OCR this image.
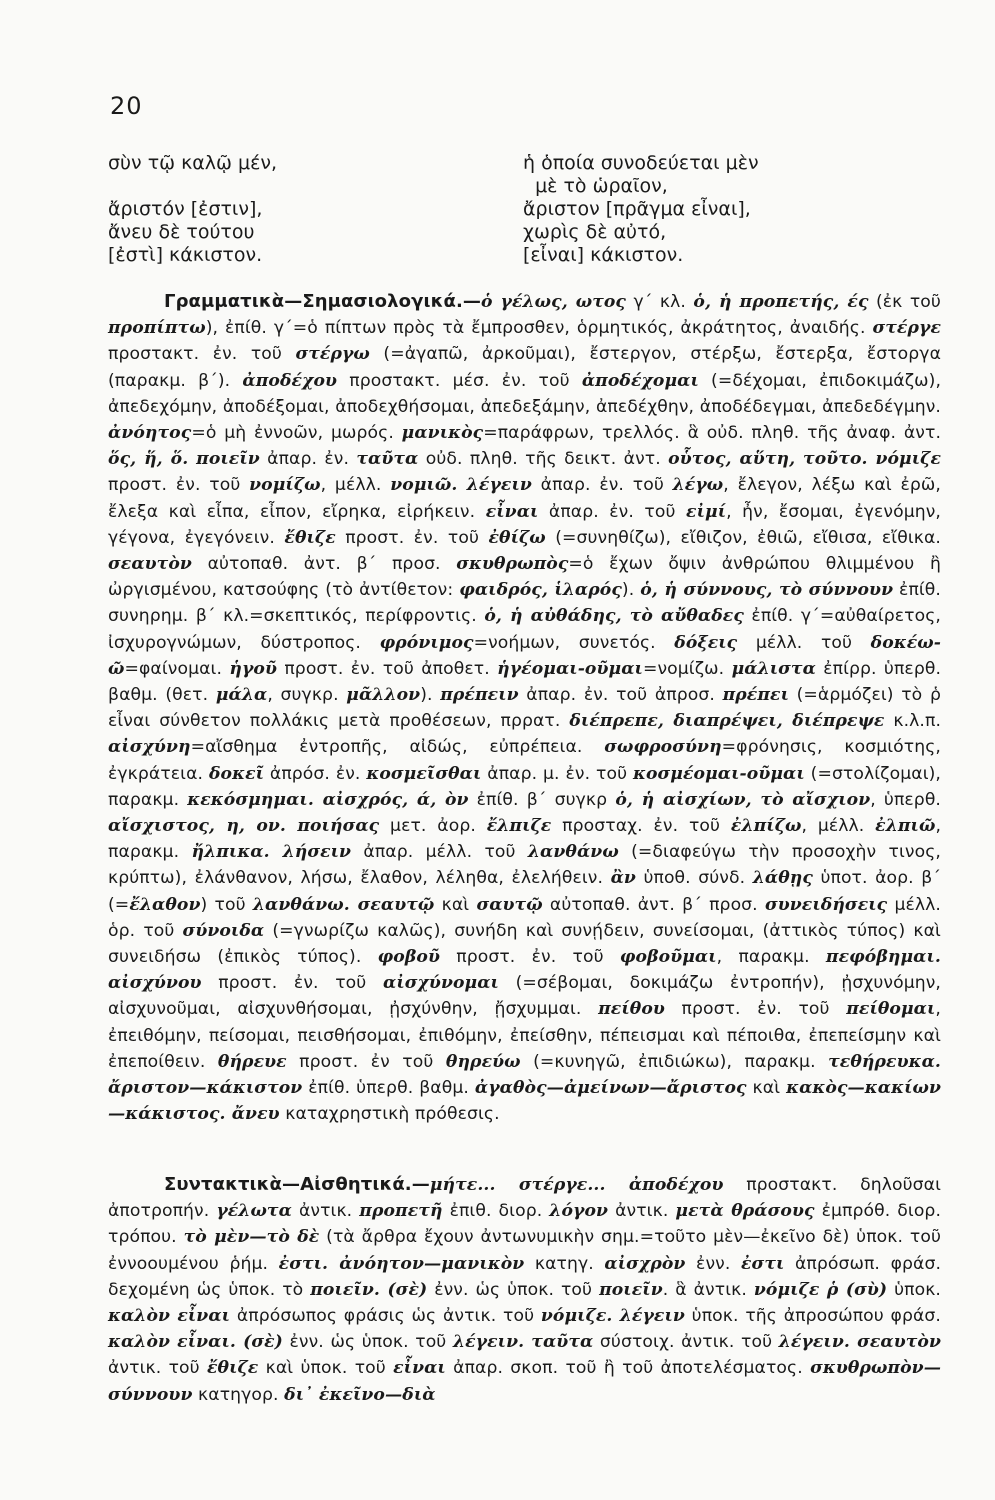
20
σὺν τῷ καλῷ μέν,
ἄριστόν [ἐστιν],
ἄνευ δὲ τούτου
[ἐστὶ] κάκιστον.
ἡ ὁποία συνοδεύεται μὲν
μὲ τὸ ὡραῖον,
ἄριστον [πρᾶγμα εἶναι],
χωρὶς δὲ αὐτό,
[εἶναι] κάκιστον.

Γραμματικὰ—Σημασιολογικά.—ὁ γέλως, ωτος γ΄ κλ. ὁ, ἡ προπετής, ές (ἐκ τοῦ προπίπτω), ἐπίθ. γ΄=ὁ πίπτων πρὸς τὰ ἔμπροσθεν, ὁρμητικός, ἀκράτητος, ἀναιδής. στέργε προστακτ. ἐν. τοῦ στέργω (=ἀγαπῶ, ἀρκοῦμαι), ἔστεργον, στέρξω, ἔστερξα, ἔστοργα (παρακμ. β΄). ἀποδέχου προστακτ. μέσ. ἐν. τοῦ ἀποδέχομαι (=δέχομαι, ἐπιδοκιμάζω), ἀπεδεχόμην, ἀποδέξομαι, ἀποδεχθήσομαι, ἀπεδεξάμην, ἀπεδέχθην, ἀποδέδεγμαι, ἀπεδεδέγμην. ἀνόητος=ὁ μὴ ἐννοῶν, μωρός. μανικὸς=παράφρων, τρελλός. ἃ οὐδ. πληθ. τῆς ἀναφ. ἀντ. ὅς, ἥ, ὅ. ποιεῖν ἀπαρ. ἐν. ταῦτα οὐδ. πληθ. τῆς δεικτ. ἀντ. οὗτος, αὕτη, τοῦτο. νόμιζε προστ. ἐν. τοῦ νομίζω, μέλλ. νομιῶ. λέγειν ἀπαρ. ἐν. τοῦ λέγω, ἔλεγον, λέξω καὶ ἐρῶ, ἔλεξα καὶ εἶπα, εἶπον, εἴρηκα, εἰρήκειν. εἶναι ἀπαρ. ἐν. τοῦ εἰμί, ἦν, ἔσομαι, ἐγενόμην, γέγονα, ἐγεγόνειν. ἔθιζε προστ. ἐν. τοῦ ἐθίζω (=συνηθίζω), εἴθιζον, ἐθιῶ, εἴθισα, εἴθικα. σεαυτὸν αὐτοπαθ. ἀντ. β΄ προσ. σκυθρωπὸς=ὁ ἔχων ὄψιν ἀνθρώπου θλιμμένου ἢ ὠργισμένου, κατσούφης (τὸ ἀντίθετον: φαιδρός, ἱλαρός). ὁ, ἡ σύννους, τὸ σύννουν ἐπίθ. συνηρημ. β΄ κλ.=σκεπτικός, περίφροντις. ὁ, ἡ αὐθάδης, τὸ αὔθαδες ἐπίθ. γ΄=αὐθαίρετος, ἰσχυρογνώμων, δύστροπος. φρόνιμος=νοήμων, συνετός. δόξεις μέλλ. τοῦ δοκέω-ῶ=φαίνομαι. ἡγοῦ προστ. ἐν. τοῦ ἀποθετ. ἡγέομαι-οῦμαι=νομίζω. μάλιστα ἐπίρρ. ὑπερθ. βαθμ. (θετ. μάλα, συγκρ. μᾶλλον). πρέπειν ἀπαρ. ἐν. τοῦ ἀπροσ. πρέπει (=ἁρμόζει) τὸ ῥ εἶναι σύνθετον πολλάκις μετὰ προθέσεων, πρρατ. διέπρεπε, διαπρέψει, διέπρεψε κ.λ.π. αἰσχύνη=αἴσθημα ἐντροπῆς, αἰδώς, εὐπρέπεια. σωφροσύνη=φρόνησις, κοσμιότης, ἐγκράτεια. δοκεῖ ἀπρόσ. ἐν. κοσμεῖσθαι ἀπαρ. μ. ἐν. τοῦ κοσμέομαι-οῦμαι (=στολίζομαι), παρακμ. κεκόσμημαι. αἰσχρός, ά, ὸν ἐπίθ. β΄ συγκρ ὁ, ἡ αἰσχίων, τὸ αἴσχιον, ὑπερθ. αἴσχιστος, η, ον. ποιήσας μετ. ἀορ. ἔλπιζε προσταχ. ἐν. τοῦ ἐλπίζω, μέλλ. ἐλπιῶ, παρακμ. ἤλπικα. λήσειν ἀπαρ. μέλλ. τοῦ λανθάνω (=διαφεύγω τὴν προσοχὴν τινος, κρύπτω), ἐλάνθανον, λήσω, ἔλαθον, λέληθα, ἐλελήθειν. ἂν ὑποθ. σύνδ. λάθῃς ὑποτ. ἀορ. β΄ (=ἔλαθον) τοῦ λανθάνω. σεαυτῷ καὶ σαυτῷ αὐτοπαθ. ἀντ. β΄ προσ. συνειδήσεις μέλλ. ὁρ. τοῦ σύνοιδα (=γνωρίζω καλῶς), συνήδη καὶ συνῄδειν, συνείσομαι, (ἀττικὸς τύπος) καὶ συνειδήσω (ἐπικὸς τύπος). φοβοῦ προστ. ἐν. τοῦ φοβοῦμαι, παρακμ. πεφόβημαι. αἰσχύνου προστ. ἐν. τοῦ αἰσχύνομαι (=σέβομαι, δοκιμάζω ἐντροπήν), ᾐσχυνόμην, αἰσχυνοῦμαι, αἰσχυνθήσομαι, ᾐσχύνθην, ᾔσχυμμαι. πείθου προστ. ἐν. τοῦ πείθομαι, ἐπειθόμην, πείσομαι, πεισθήσομαι, ἐπιθόμην, ἐπείσθην, πέπεισμαι καὶ πέποιθα, ἐπεπείσμην καὶ ἐπεποίθειν. θήρευε προστ. ἐν τοῦ θηρεύω (=κυνηγῶ, ἐπιδιώκω), παρακμ. τεθήρευκα. ἄριστον—κάκιστον ἐπίθ. ὑπερθ. βαθμ. ἀγαθὸς—ἀμείνων—ἄριστος καὶ κακὸς—κακίων—κάκιστος. ἄνευ καταχρηστικὴ πρόθεσις.

Συντακτικὰ—Αἰσθητικά.—μήτε... στέργε... ἀποδέχου προστακτ. δηλοῦσαι ἀποτροπήν. γέλωτα ἀντικ. προπετῆ ἐπιθ. διορ. λόγον ἀντικ. μετὰ θράσους ἐμπρόθ. διορ. τρόπου. τὸ μὲν—τὸ δὲ (τὰ ἄρθρα ἔχουν ἀντωνυμικὴν σημ.=τοῦτο μὲν—ἐκεῖνο δὲ) ὑποκ. τοῦ ἐννοουμένου ῥήμ. ἐστι. ἀνόητον—μανικὸν κατηγ. αἰσχρὸν ἐνν. ἐστι ἀπρόσωπ. φράσ. δεχομένη ὡς ὑποκ. τὸ ποιεῖν. (σὲ) ἐνν. ὡς ὑποκ. τοῦ ποιεῖν. ἃ ἀντικ. νόμιζε ῥ (σὺ) ὑποκ. καλὸν εἶναι ἀπρόσωπος φράσις ὡς ἀντικ. τοῦ νόμιζε. λέγειν ὑποκ. τῆς ἀπροσώπου φράσ. καλὸν εἶναι. (σὲ) ἐνν. ὡς ὑποκ. τοῦ λέγειν. ταῦτα σύστοιχ. ἀντικ. τοῦ λέγειν. σεαυτὸν ἀντικ. τοῦ ἔθιζε καὶ ὑποκ. τοῦ εἶναι ἀπαρ. σκοπ. τοῦ ἢ τοῦ ἀποτελέσματος. σκυθρωπὸν—σύννουν κατηγορ. δι᾽ ἐκεῖνο—διὰ
